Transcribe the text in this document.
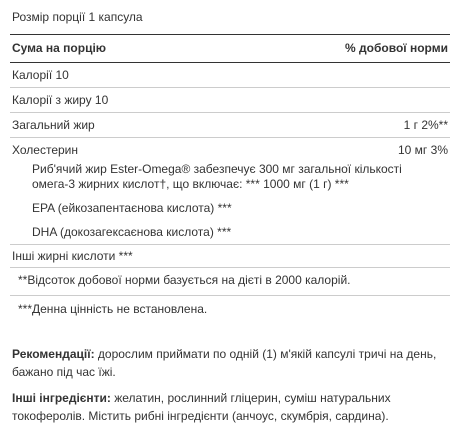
Розмір порції 1 капсула
Сума на порцію	% добової норми
Калорії 10
Калорії з жиру 10
Загальний жир	1 г 2%**
Холестерин	10 мг 3%
Риб'ячий жир Ester-Omega® забезпечує 300 мг загальної кількості омега-3 жирних кислот†, що включає: *** 1000 мг (1 г) ***
EPA (ейкозапентаєнова кислота) ***
DHA (докозагексаєнова кислота) ***
Інші жирні кислоти ***
**Відсоток добової норми базується на дієті в 2000 калорій.
***Денна цінність не встановлена.
Рекомендації: дорослим приймати по одній (1) м'якій капсулі тричі на день, бажано під час їжі.
Інші інгредієнти: желатин, рослинний гліцерин, суміш натуральних токоферолів. Містить рибні інгредієнти (анчоус, скумбрія, сардина).
